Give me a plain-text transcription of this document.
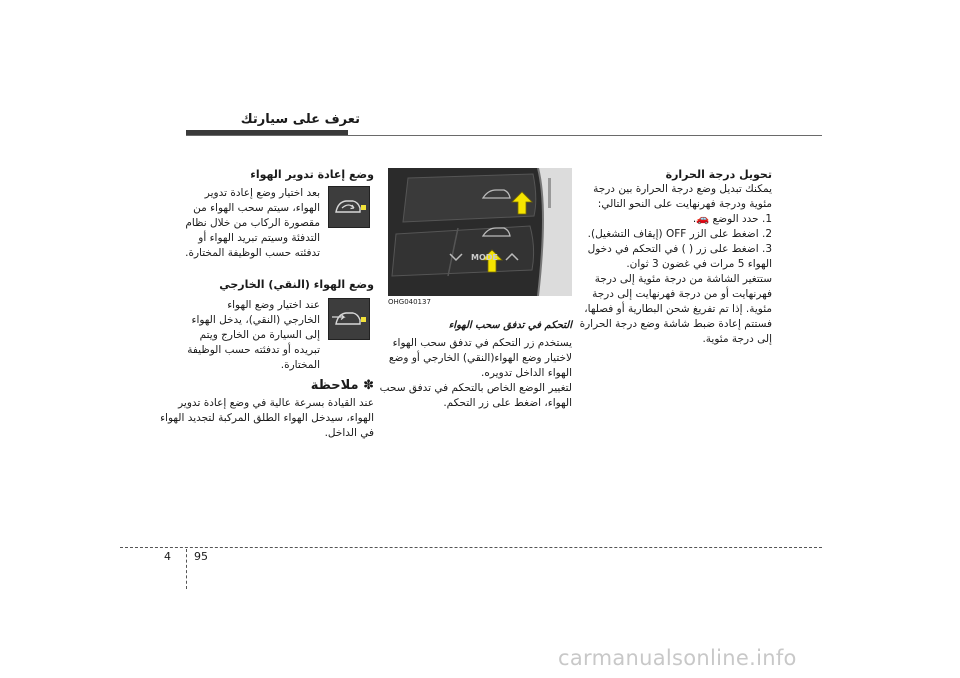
تعرف على سيارتك
وضع إعادة تدوير الهواء
بعد اختيار وضع إعادة تدوير
الهواء، سيتم سحب الهواء من
مقصورة الركاب من خلال نظام
التدفئة وسيتم تبريد الهواء أو
تدفئته حسب الوظيفة المختارة.
وضع الهواء (النقي) الخارجي
عند اختيار وضع الهواء
الخارجي (النقي)، يدخل الهواء
إلى السيارة من الخارج ويتم
تبريده أو تدفئته حسب الوظيفة
المختارة.
✽ ملاحظة
عند القيادة بسرعة عالية في وضع إعادة تدوير
الهواء، سيدخل الهواء الطلق المركبة لتجديد الهواء
في الداخل.
MODE
OHG040137
التحكم في تدفق سحب الهواء
يستخدم زر التحكم في تدفق سحب الهواء
لاختيار وضع الهواء(النقي) الخارجي أو وضع
الهواء الداخل تدويره.
لتغيير الوضع الخاص بالتحكم في تدفق سحب
الهواء، اضغط على زر التحكم.
تحويل درجة الحرارة
يمكنك تبديل وضع درجة الحرارة بين درجة
مئوية ودرجة فهرنهايت على النحو التالي:
1. حدد الوضع 🚗.
2. اضغط على الزر OFF (إيقاف التشغيل).
3. اضغط على زر ( ) في التحكم في دخول
الهواء 5 مرات في غضون 3 ثوان.
ستتغير الشاشة من درجة مئوية إلى درجة
فهرنهايت أو من درجة فهرنهايت إلى درجة
مئوية. إذا تم تفريغ شحن البطارية أو فصلها،
فستتم إعادة ضبط شاشة وضع درجة الحرارة
إلى درجة مئوية.
4 95
carmanualsonline.info
